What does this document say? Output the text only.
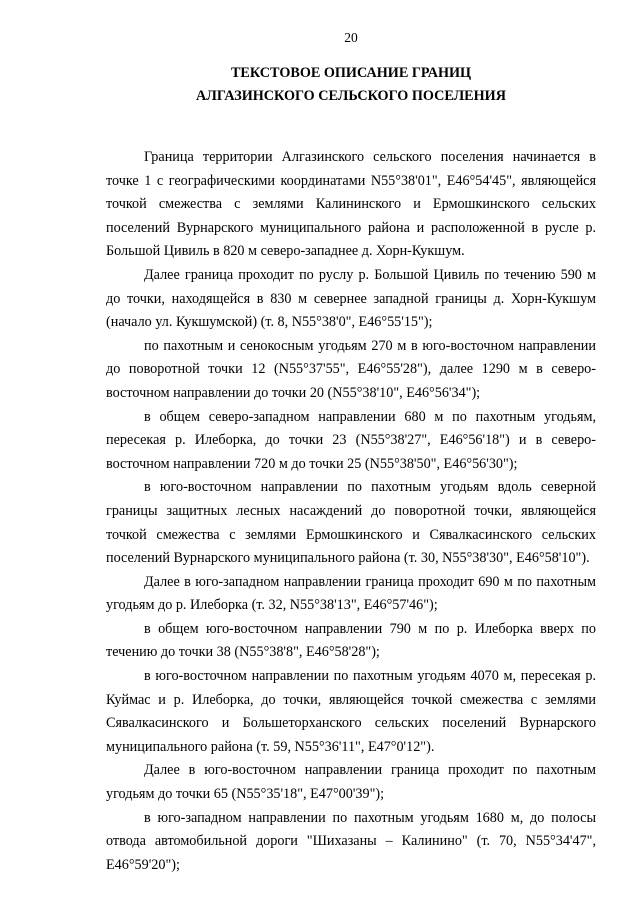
20
ТЕКСТОВОЕ ОПИСАНИЕ ГРАНИЦ
АЛГАЗИНСКОГО СЕЛЬСКОГО ПОСЕЛЕНИЯ

Граница территории Алгазинского сельского поселения начинается в точке 1 с географическими координатами N55°38'01", E46°54'45", являющейся точкой смежества с землями Калининского и Ермошкинского сельских поселений Вурнарского муниципального района и расположенной в русле р. Большой Цивиль в 820 м северо-западнее д. Хорн-Кукшум.

Далее граница проходит по руслу р. Большой Цивиль по течению 590 м до точки, находящейся в 830 м севернее западной границы д. Хорн-Кукшум (начало ул. Кукшумской) (т. 8, N55°38'0", E46°55'15");

по пахотным и сенокосным угодьям 270 м в юго-восточном направлении до поворотной точки 12 (N55°37'55", E46°55'28"), далее 1290 м в северо-восточном направлении до точки 20 (N55°38'10", E46°56'34");

в общем северо-западном направлении 680 м по пахотным угодьям, пересекая р. Илеборка, до точки 23 (N55°38'27", E46°56'18") и в северо-восточном направлении 720 м до точки 25 (N55°38'50", E46°56'30");

в юго-восточном направлении по пахотным угодьям вдоль северной границы защитных лесных насаждений до поворотной точки, являющейся точкой смежества с землями Ермошкинского и Сявалкасинского сельских поселений Вурнарского муниципального района (т. 30, N55°38'30", E46°58'10").

Далее в юго-западном направлении граница проходит 690 м по пахотным угодьям до р. Илеборка (т. 32, N55°38'13", E46°57'46");

в общем юго-восточном направлении 790 м по р. Илеборка вверх по течению до точки 38 (N55°38'8", E46°58'28");

в юго-восточном направлении по пахотным угодьям 4070 м, пересекая р. Куймас и р. Илеборка, до точки, являющейся точкой смежества с землями Сявалкасинского и Большеторханского сельских поселений Вурнарского муниципального района (т. 59, N55°36'11", E47°0'12").

Далее в юго-восточном направлении граница проходит по пахотным угодьям до точки 65 (N55°35'18", E47°00'39");

в юго-западном направлении по пахотным угодьям 1680 м, до полосы отвода автомобильной дороги "Шихазаны – Калинино" (т. 70, N55°34'47", E46°59'20");
